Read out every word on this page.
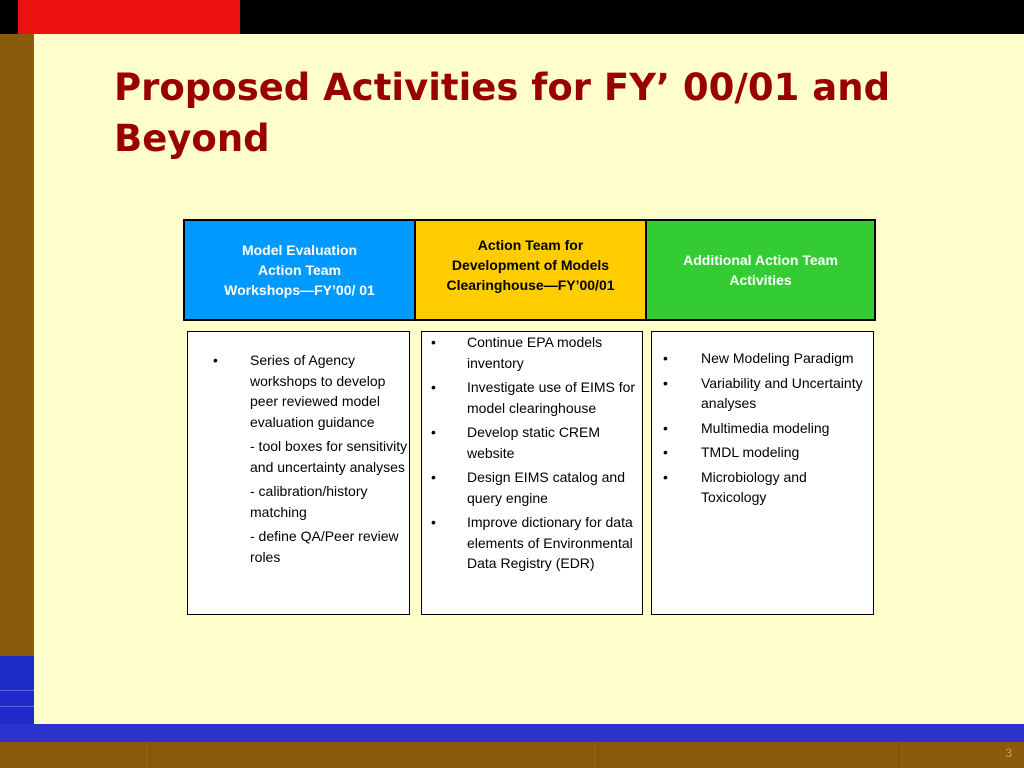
3
Proposed Activities for FY’ 00/01 and Beyond
Model Evaluation
Action Team
Workshops—FY’00/ 01
Action Team for
Development of Models
Clearinghouse—FY’00/01
Additional Action Team
Activities
• Series of Agency workshops to develop peer reviewed model evaluation guidance
- tool boxes for sensitivity and uncertainty analyses
- calibration/history matching
- define QA/Peer review roles
• Continue EPA models inventory
• Investigate use of EIMS for model clearinghouse
• Develop static CREM website
• Design EIMS catalog and query engine
• Improve dictionary for data elements of Environmental Data Registry (EDR)
• New Modeling Paradigm
• Variability and Uncertainty analyses
• Multimedia modeling
• TMDL modeling
• Microbiology and Toxicology
